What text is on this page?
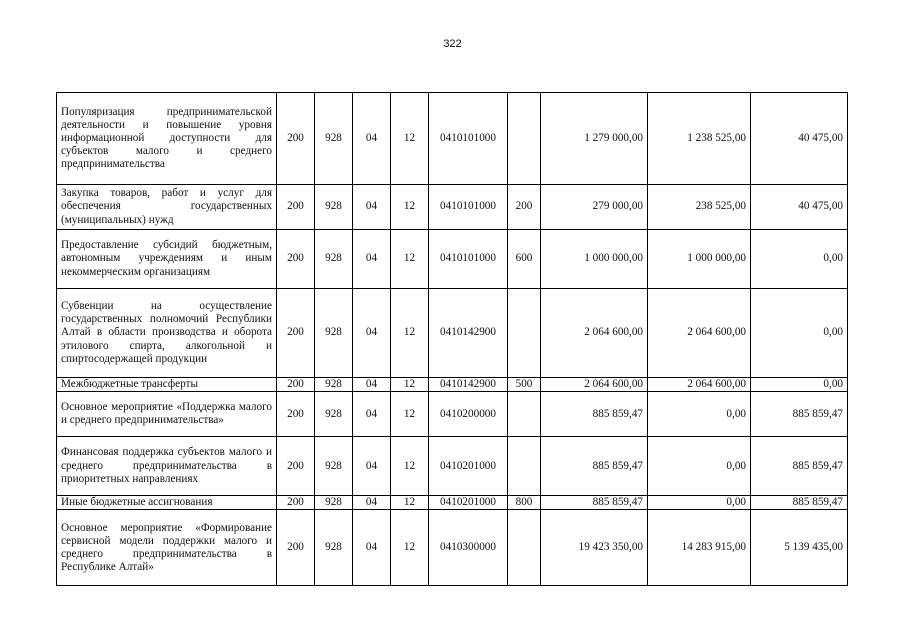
322
Популяризация предпринимательской деятельности и повышение уровня информационной доступности для субъектов малого и среднего предпринимательства	200	928	04	12	0410101000		1 279 000,00	1 238 525,00	40 475,00
Закупка товаров, работ и услуг для обеспечения государственных (муниципальных) нужд	200	928	04	12	0410101000	200	279 000,00	238 525,00	40 475,00
Предоставление субсидий бюджетным, автономным учреждениям и иным некоммерческим организациям	200	928	04	12	0410101000	600	1 000 000,00	1 000 000,00	0,00
Субвенции на осуществление государственных полномочий Республики Алтай в области производства и оборота этилового спирта, алкогольной и спиртосодержащей продукции	200	928	04	12	0410142900		2 064 600,00	2 064 600,00	0,00
Межбюджетные трансферты	200	928	04	12	0410142900	500	2 064 600,00	2 064 600,00	0,00
Основное мероприятие «Поддержка малого и среднего предпринимательства»	200	928	04	12	0410200000		885 859,47	0,00	885 859,47
Финансовая поддержка субъектов малого и среднего предпринимательства в приоритетных направлениях	200	928	04	12	0410201000		885 859,47	0,00	885 859,47
Иные бюджетные ассигнования	200	928	04	12	0410201000	800	885 859,47	0,00	885 859,47
Основное мероприятие «Формирование сервисной модели поддержки малого и среднего предпринимательства в Республике Алтай»	200	928	04	12	0410300000		19 423 350,00	14 283 915,00	5 139 435,00
